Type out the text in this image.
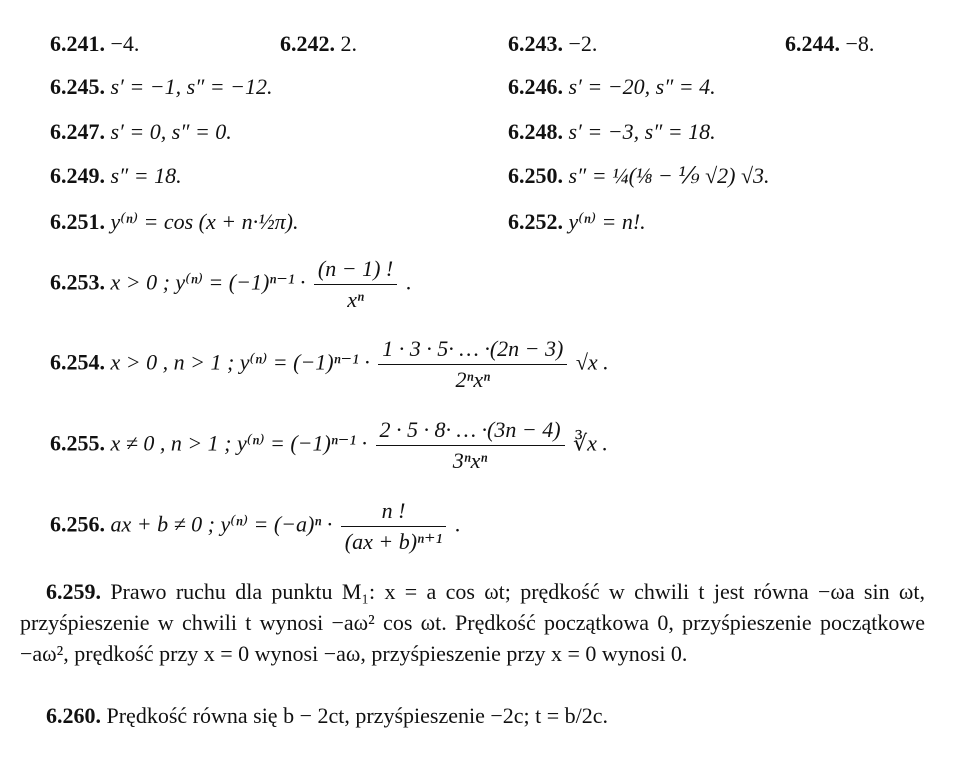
6.241. −4.	6.242. 2.	6.243. −2.	6.244. −8.
6.245. s′ = −1, s″ = −12.	6.246. s′ = −20, s″ = 4.
6.247. s′ = 0, s″ = 0.	6.248. s′ = −3, s″ = 18.
6.249. s″ = 18.	6.250. s″ = ¼(⅛ − ⅑ √2) √3.
6.251. y⁽ⁿ⁾ = cos (x + n·½π).	6.252. y⁽ⁿ⁾ = n!.
6.253. x > 0 ; $y^{(n)} = (-1)^{n-1} \cdot \frac{(n - 1) !}{\text{xⁿ}}$ .
6.254. x > 0 , n > 1 ; $y^{(n)} = (-1)^{n-1} \cdot \frac{1 \cdot 3 \cdot 5\cdot \dots \cdot(2n - 3)}{\text{2ⁿxⁿ}} √x$ .
6.255. x ≠ 0 , n > 1 ; $y^{(n)} = (-1)^{n-1} \cdot \frac{2 \cdot 5 \cdot 8\cdot \dots \cdot(3n - 4)}{\text{3ⁿxⁿ}}$ ∛x .
6.256. ax + b ≠ 0 ; $y^{(n)} = (-a)^n \cdot \frac{n !}{\text{(ax + b)ⁿ⁺¹}}$ .
6.259. Prawo ruchu dla punktu M₁: x = a cos ωt; prędkość w chwili t jest równa −ωa sin ωt, przyśpieszenie w chwili t wynosi −aω² cos ωt. Prędkość początkowa 0, przyśpieszenie początkowe −aω², prędkość przy x = 0 wynosi −aω, przyśpieszenie przy x = 0 wynosi 0.
6.260. Prędkość równa się b − 2ct, przyśpieszenie −2c; t = b/2c.
